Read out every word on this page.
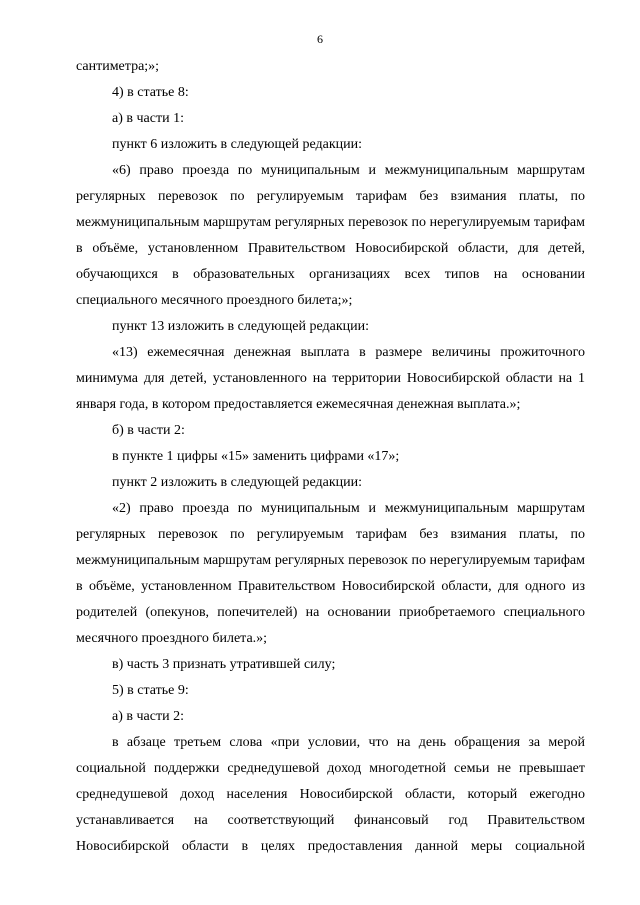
6

сантиметра;»;

4) в статье 8:

а) в части 1:

пункт 6 изложить в следующей редакции:

«6) право проезда по муниципальным и межмуниципальным маршрутам регулярных перевозок по регулируемым тарифам без взимания платы, по межмуниципальным маршрутам регулярных перевозок по нерегулируемым тарифам в объёме, установленном Правительством Новосибирской области, для детей, обучающихся в образовательных организациях всех типов на основании специального месячного проездного билета;»;

пункт 13 изложить в следующей редакции:

«13) ежемесячная денежная выплата в размере величины прожиточного минимума для детей, установленного на территории Новосибирской области на 1 января года, в котором предоставляется ежемесячная денежная выплата.»;

б) в части 2:

в пункте 1 цифры «15» заменить цифрами «17»;

пункт 2 изложить в следующей редакции:

«2) право проезда по муниципальным и межмуниципальным маршрутам регулярных перевозок по регулируемым тарифам без взимания платы, по межмуниципальным маршрутам регулярных перевозок по нерегулируемым тарифам в объёме, установленном Правительством Новосибирской области, для одного из родителей (опекунов, попечителей) на основании приобретаемого специального месячного проездного билета.»;

в) часть 3 признать утратившей силу;

5) в статье 9:

а) в части 2:

в абзаце третьем слова «при условии, что на день обращения за мерой социальной поддержки среднедушевой доход многодетной семьи не превышает среднедушевой доход населения Новосибирской области, который ежегодно устанавливается на соответствующий финансовый год Правительством Новосибирской области в целях предоставления данной меры социальной
